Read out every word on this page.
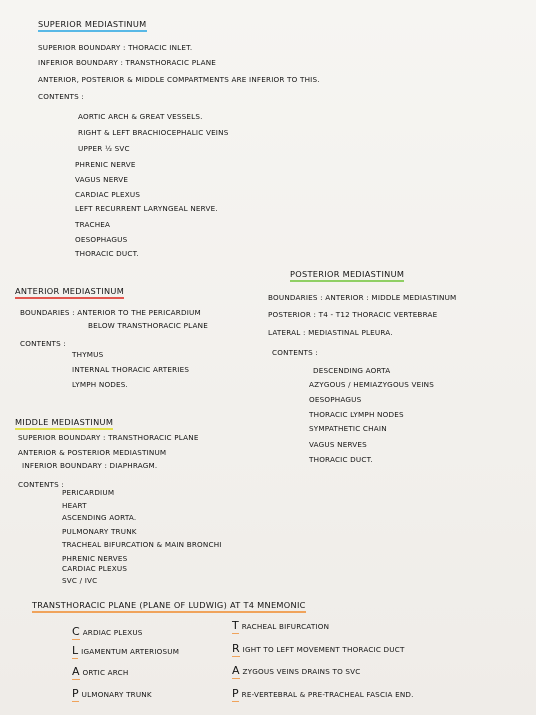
SUPERIOR MEDIASTINUM
SUPERIOR BOUNDARY : THORACIC INLET.
INFERIOR BOUNDARY : TRANSTHORACIC PLANE
ANTERIOR, POSTERIOR & MIDDLE COMPARTMENTS ARE INFERIOR TO THIS.
CONTENTS :
AORTIC ARCH & GREAT VESSELS.
RIGHT & LEFT BRACHIOCEPHALIC VEINS
UPPER ½ SVC
PHRENIC NERVE
VAGUS NERVE
CARDIAC PLEXUS
LEFT RECURRENT LARYNGEAL NERVE.
TRACHEA
OESOPHAGUS
THORACIC DUCT.
ANTERIOR MEDIASTINUM
BOUNDARIES : ANTERIOR TO THE PERICARDIUM
BELOW TRANSTHORACIC PLANE
CONTENTS :
THYMUS
INTERNAL THORACIC ARTERIES
LYMPH NODES.
MIDDLE MEDIASTINUM
SUPERIOR BOUNDARY : TRANSTHORACIC PLANE
ANTERIOR & POSTERIOR MEDIASTINUM
INFERIOR BOUNDARY : DIAPHRAGM.
CONTENTS :
PERICARDIUM
HEART
ASCENDING AORTA.
PULMONARY TRUNK
TRACHEAL BIFURCATION & MAIN BRONCHI
PHRENIC NERVES
CARDIAC PLEXUS
SVC / IVC
POSTERIOR MEDIASTINUM
BOUNDARIES : ANTERIOR : MIDDLE MEDIASTINUM
POSTERIOR : T4 - T12 THORACIC VERTEBRAE
LATERAL : MEDIASTINAL PLEURA.
CONTENTS :
DESCENDING AORTA
AZYGOUS / HEMIAZYGOUS VEINS
OESOPHAGUS
THORACIC LYMPH NODES
SYMPATHETIC CHAIN
VAGUS NERVES
THORACIC DUCT.
TRANSTHORACIC PLANE (PLANE OF LUDWIG) AT T4 MNEMONIC
C ARDIAC PLEXUS
L IGAMENTUM ARTERIOSUM
A ORTIC ARCH
P ULMONARY TRUNK
T RACHEAL BIFURCATION
R IGHT TO LEFT MOVEMENT THORACIC DUCT
A ZYGOUS VEINS DRAINS TO SVC
P RE-VERTEBRAL & PRE-TRACHEAL FASCIA END.
